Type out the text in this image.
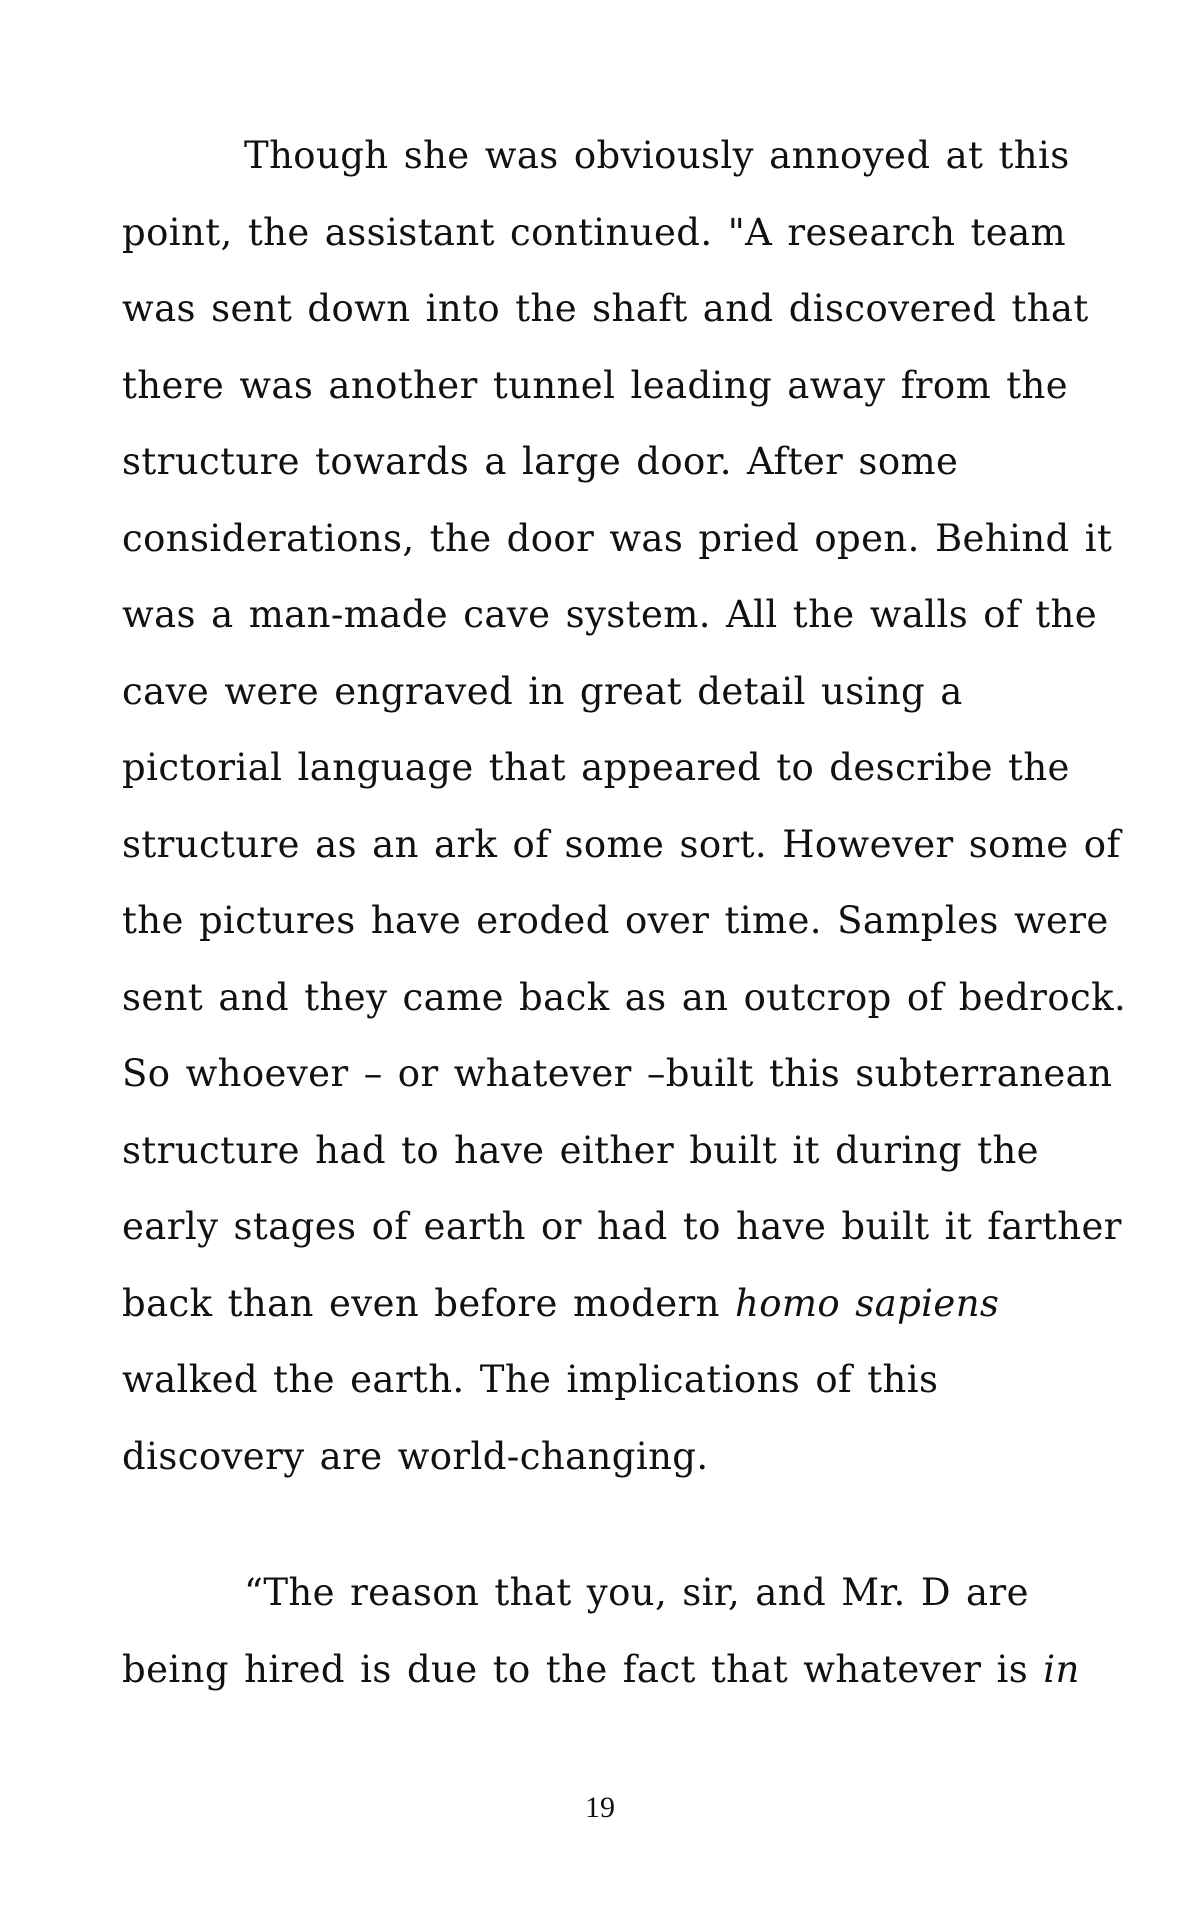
Though she was obviously annoyed at this
point, the assistant continued. "A research team
was sent down into the shaft and discovered that
there was another tunnel leading away from the
structure towards a large door. After some
considerations, the door was pried open. Behind it
was a man-made cave system. All the walls of the
cave were engraved in great detail using a
pictorial language that appeared to describe the
structure as an ark of some sort. However some of
the pictures have eroded over time. Samples were
sent and they came back as an outcrop of bedrock.
So whoever – or whatever –built this subterranean
structure had to have either built it during the
early stages of earth or had to have built it farther
back than even before modern homo sapiens
walked the earth. The implications of this
discovery are world-changing.
“The reason that you, sir, and Mr. D are
being hired is due to the fact that whatever is in
19
